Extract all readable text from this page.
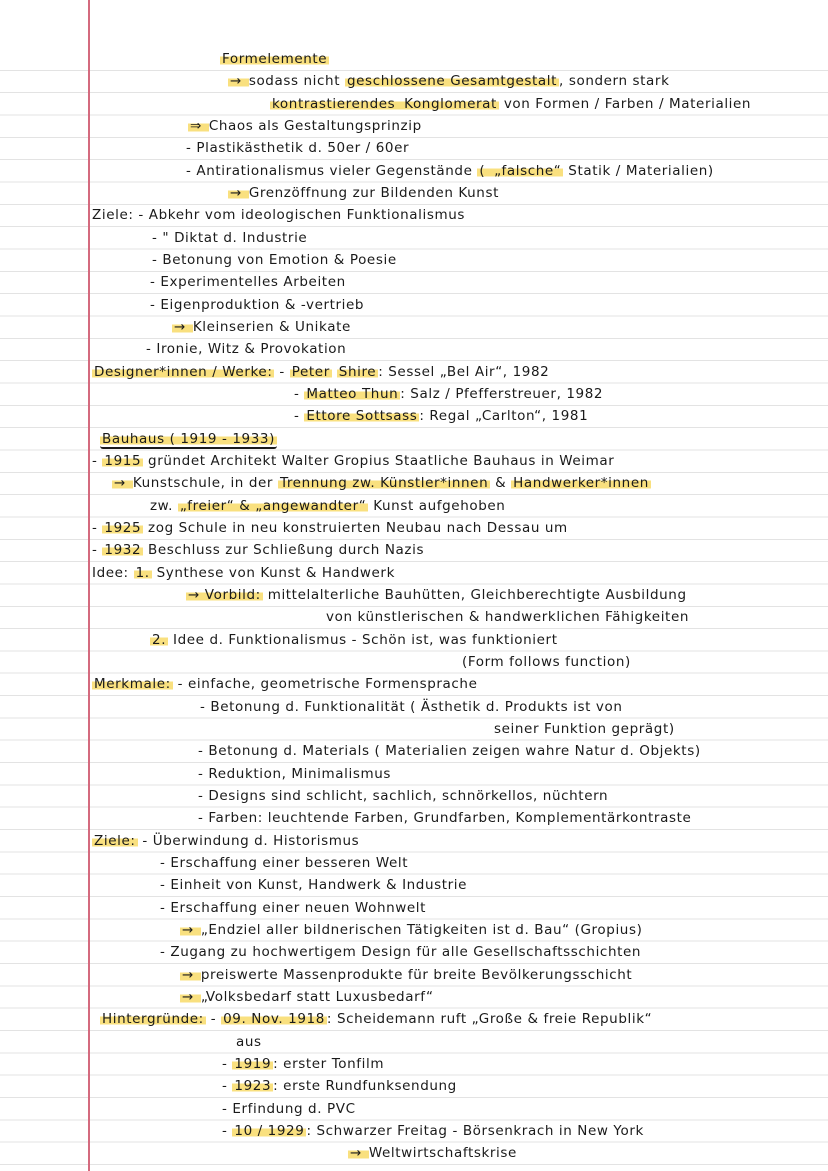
Formelemente
→ sodass nicht geschlossene Gesamtgestalt , sondern stark
kontrastierendes Konglomerat von Formen / Farben / Materialien
⇒ Chaos als Gestaltungsprinzip
- Plastikästhetik d. 50er / 60er
- Antirationalismus vieler Gegenstände ( „falsche“ Statik / Materialien)
→ Grenzöffnung zur Bildenden Kunst
Ziele: - Abkehr vom ideologischen Funktionalismus
- " Diktat d. Industrie
- Betonung von Emotion & Poesie
- Experimentelles Arbeiten
- Eigenproduktion & -vertrieb
→ Kleinserien & Unikate
- Ironie, Witz & Provokation
Designer*innen / Werke: - Peter Shire : Sessel „Bel Air“, 1982
- Matteo Thun : Salz / Pfefferstreuer, 1982
- Ettore Sottsass : Regal „Carlton“, 1981
Bauhaus ( 1919 - 1933)
- 1915 gründet Architekt Walter Gropius Staatliche Bauhaus in Weimar
→ Kunstschule, in der Trennung zw. Künstler*innen & Handwerker*innen
zw. „freier“ & „angewandter“ Kunst aufgehoben
- 1925 zog Schule in neu konstruierten Neubau nach Dessau um
- 1932 Beschluss zur Schließung durch Nazis
Idee: 1. Synthese von Kunst & Handwerk
→ Vorbild: mittelalterliche Bauhütten, Gleichberechtigte Ausbildung
von künstlerischen & handwerklichen Fähigkeiten
2. Idee d. Funktionalismus - Schön ist, was funktioniert
(Form follows function)
Merkmale: - einfache, geometrische Formensprache
- Betonung d. Funktionalität ( Ästhetik d. Produkts ist von
seiner Funktion geprägt)
- Betonung d. Materials ( Materialien zeigen wahre Natur d. Objekts)
- Reduktion, Minimalismus
- Designs sind schlicht, sachlich, schnörkellos, nüchtern
- Farben: leuchtende Farben, Grundfarben, Komplementärkontraste
Ziele: - Überwindung d. Historismus
- Erschaffung einer besseren Welt
- Einheit von Kunst, Handwerk & Industrie
- Erschaffung einer neuen Wohnwelt
→ „Endziel aller bildnerischen Tätigkeiten ist d. Bau“ (Gropius)
- Zugang zu hochwertigem Design für alle Gesellschaftsschichten
→ preiswerte Massenprodukte für breite Bevölkerungsschicht
→ „Volksbedarf statt Luxusbedarf“
Hintergründe: - 09. Nov. 1918 : Scheidemann ruft „Große & freie Republik“
aus
- 1919 : erster Tonfilm
- 1923 : erste Rundfunksendung
- Erfindung d. PVC
- 10 / 1929 : Schwarzer Freitag - Börsenkrach in New York
→ Weltwirtschaftskrise
